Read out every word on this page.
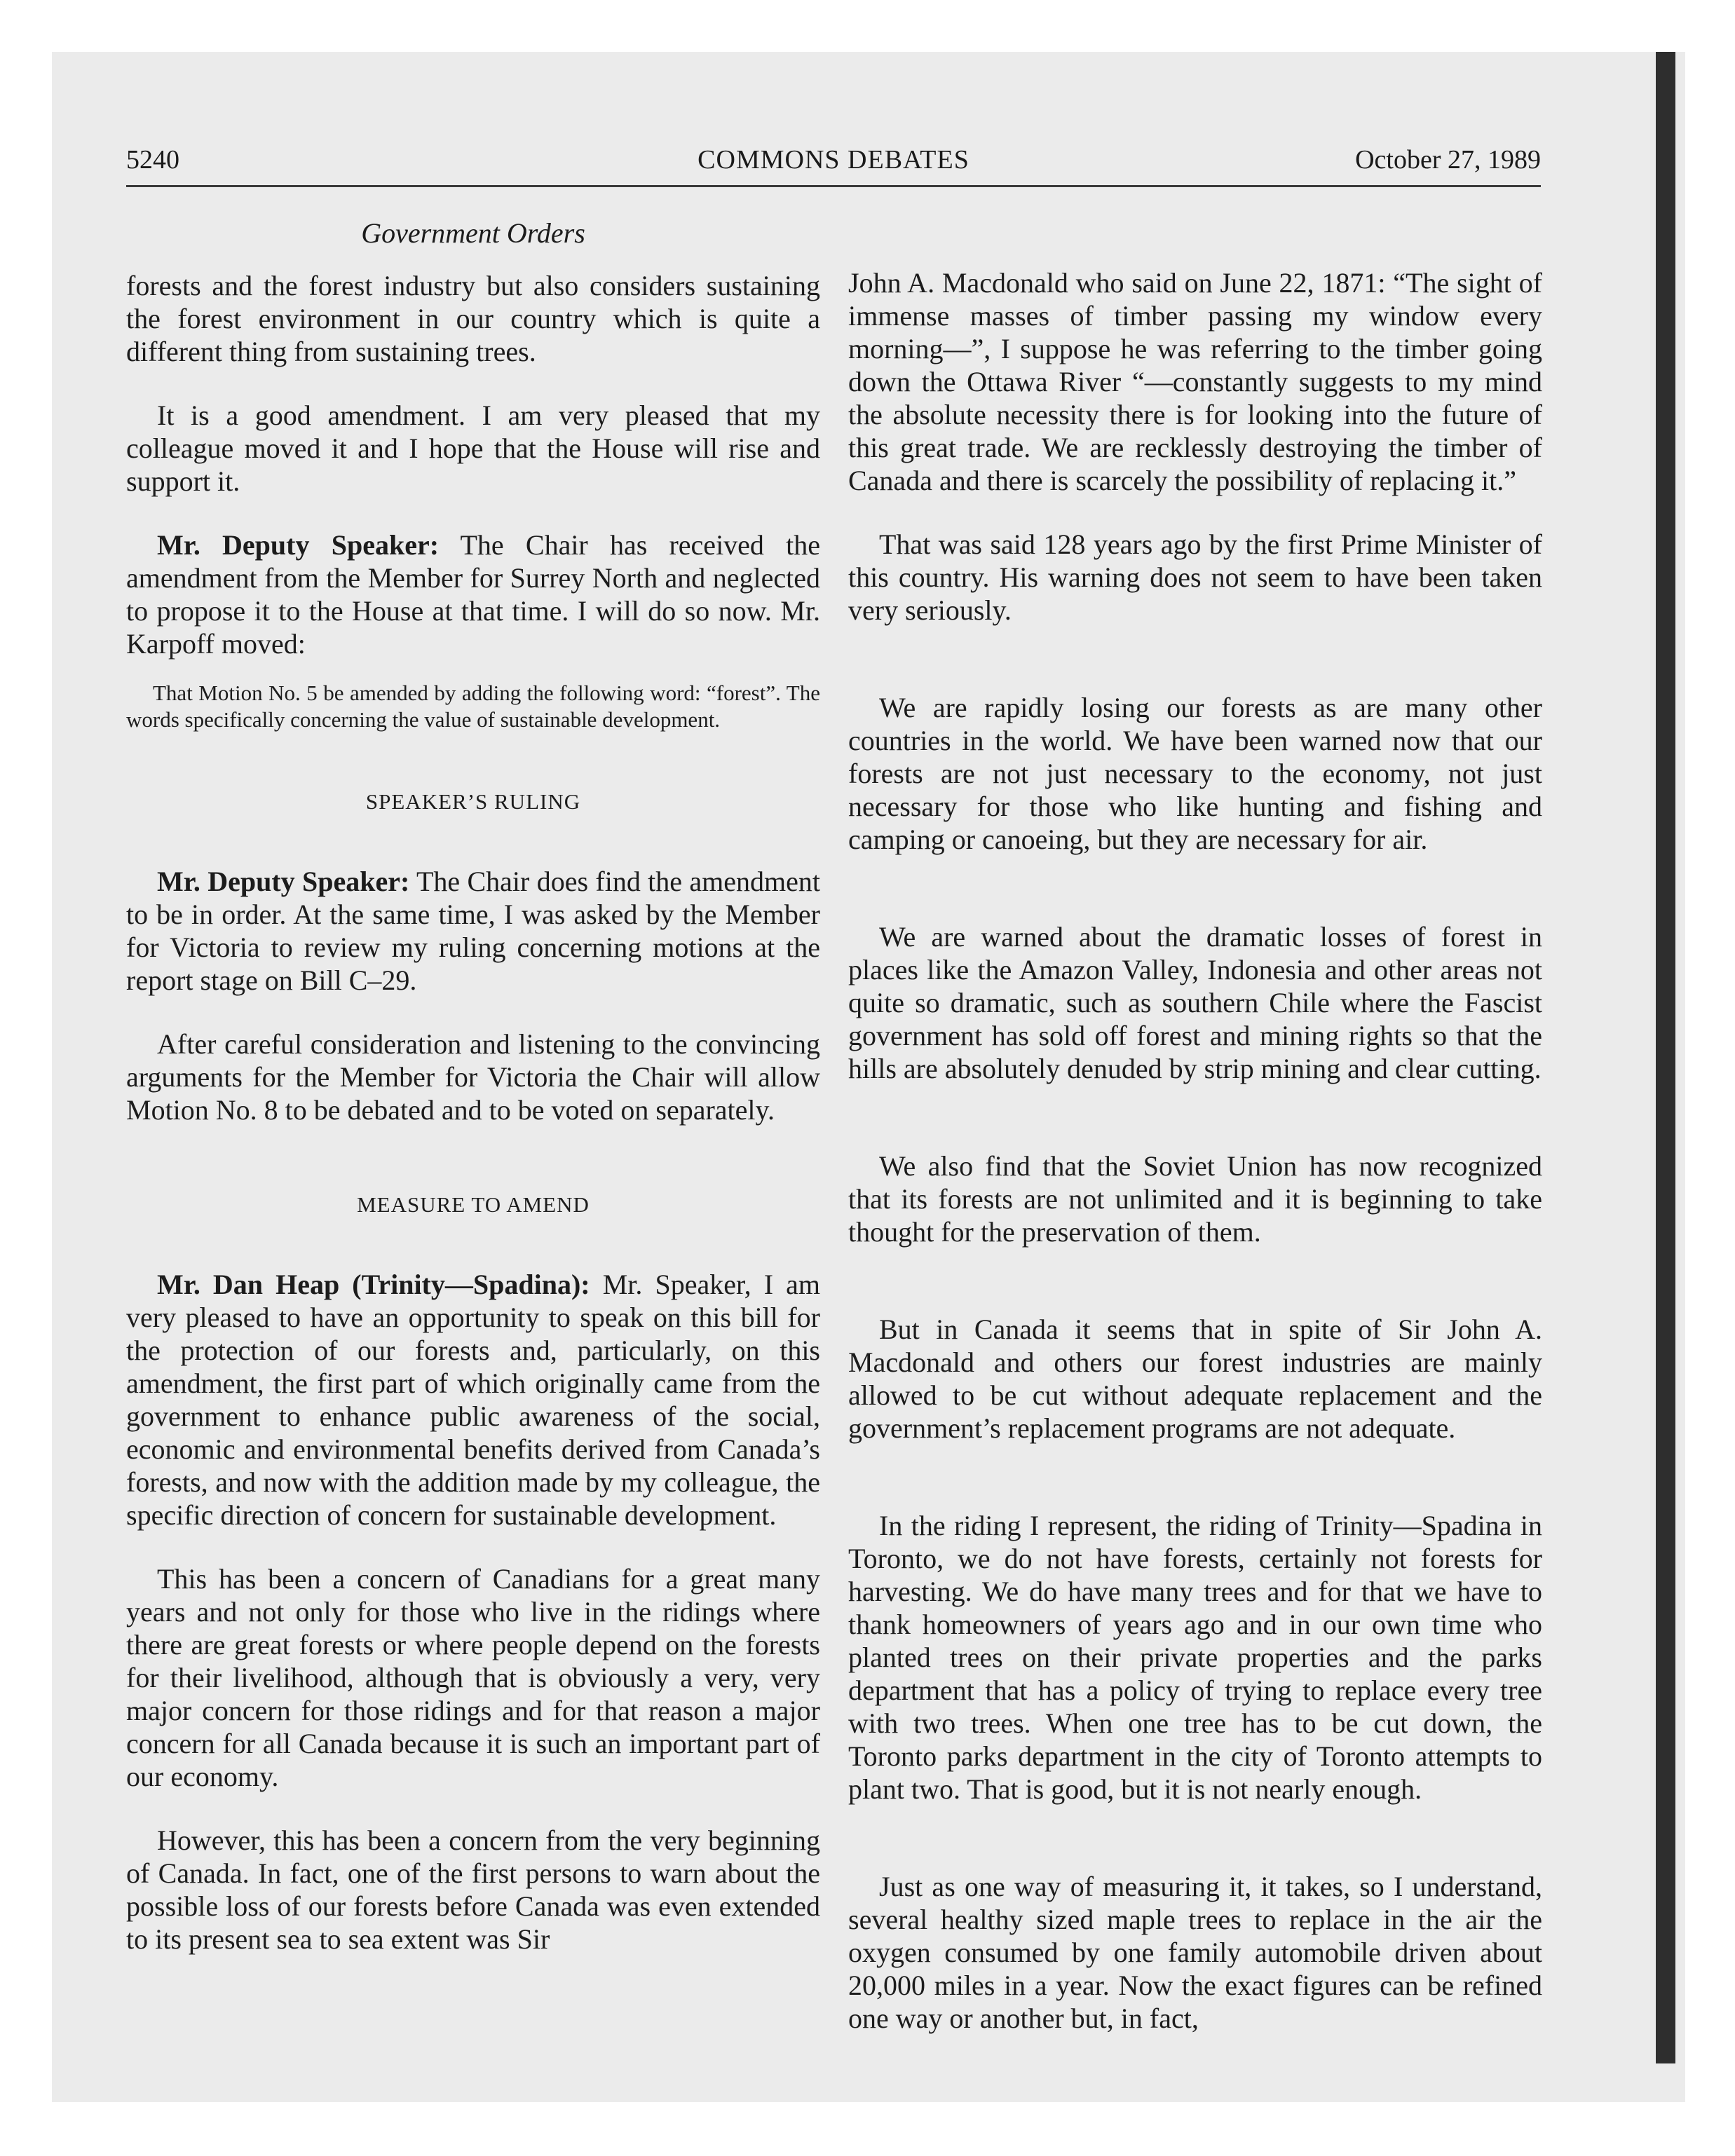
5240	COMMONS DEBATES	October 27, 1989
Government Orders

forests and the forest industry but also considers sustaining the forest environment in our country which is quite a different thing from sustaining trees.

It is a good amendment. I am very pleased that my colleague moved it and I hope that the House will rise and support it.

Mr. Deputy Speaker: The Chair has received the amendment from the Member for Surrey North and neglected to propose it to the House at that time. I will do so now. Mr. Karpoff moved:

That Motion No. 5 be amended by adding the following word: “forest”. The words specifically concerning the value of sustainable development.

SPEAKER’S RULING

Mr. Deputy Speaker: The Chair does find the amendment to be in order. At the same time, I was asked by the Member for Victoria to review my ruling concerning motions at the report stage on Bill C–29.

After careful consideration and listening to the convincing arguments for the Member for Victoria the Chair will allow Motion No. 8 to be debated and to be voted on separately.

MEASURE TO AMEND

Mr. Dan Heap (Trinity—Spadina): Mr. Speaker, I am very pleased to have an opportunity to speak on this bill for the protection of our forests and, particularly, on this amendment, the first part of which originally came from the government to enhance public awareness of the social, economic and environmental benefits derived from Canada’s forests, and now with the addition made by my colleague, the specific direction of concern for sustainable development.

This has been a concern of Canadians for a great many years and not only for those who live in the ridings where there are great forests or where people depend on the forests for their livelihood, although that is obviously a very, very major concern for those ridings and for that reason a major concern for all Canada because it is such an important part of our economy.

However, this has been a concern from the very beginning of Canada. In fact, one of the first persons to warn about the possible loss of our forests before Canada was even extended to its present sea to sea extent was Sir

John A. Macdonald who said on June 22, 1871: “The sight of immense masses of timber passing my window every morning—”, I suppose he was referring to the timber going down the Ottawa River “—constantly suggests to my mind the absolute necessity there is for looking into the future of this great trade. We are recklessly destroying the timber of Canada and there is scarcely the possibility of replacing it.”

That was said 128 years ago by the first Prime Minister of this country. His warning does not seem to have been taken very seriously.

We are rapidly losing our forests as are many other countries in the world. We have been warned now that our forests are not just necessary to the economy, not just necessary for those who like hunting and fishing and camping or canoeing, but they are necessary for air.

We are warned about the dramatic losses of forest in places like the Amazon Valley, Indonesia and other areas not quite so dramatic, such as southern Chile where the Fascist government has sold off forest and mining rights so that the hills are absolutely denuded by strip mining and clear cutting.

We also find that the Soviet Union has now recognized that its forests are not unlimited and it is beginning to take thought for the preservation of them.

But in Canada it seems that in spite of Sir John A. Macdonald and others our forest industries are mainly allowed to be cut without adequate replacement and the government’s replacement programs are not adequate.

In the riding I represent, the riding of Trinity—Spadina in Toronto, we do not have forests, certainly not forests for harvesting. We do have many trees and for that we have to thank homeowners of years ago and in our own time who planted trees on their private properties and the parks department that has a policy of trying to replace every tree with two trees. When one tree has to be cut down, the Toronto parks department in the city of Toronto attempts to plant two. That is good, but it is not nearly enough.

Just as one way of measuring it, it takes, so I understand, several healthy sized maple trees to replace in the air the oxygen consumed by one family automobile driven about 20,000 miles in a year. Now the exact figures can be refined one way or another but, in fact,
